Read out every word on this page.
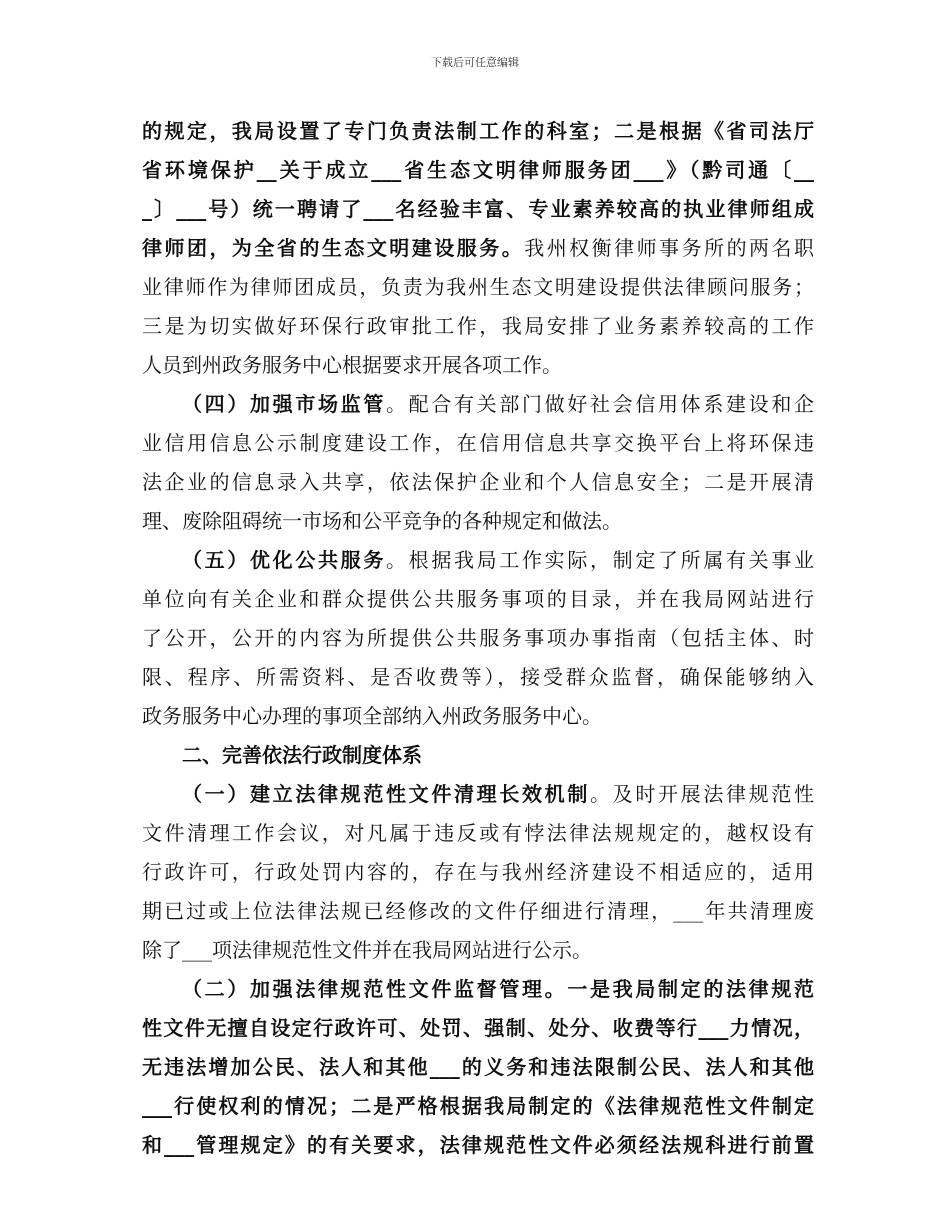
下载后可任意编辑
的规定，我局设置了专门负责法制工作的科室；二是根据《省司法厅
省环境保护__关于成立___省生态文明律师服务团___》（黔司通〔__
_〕___号）统一聘请了___名经验丰富、专业素养较高的执业律师组成
律师团，为全省的生态文明建设服务。我州权衡律师事务所的两名职
业律师作为律师团成员，负责为我州生态文明建设提供法律顾问服务；
三是为切实做好环保行政审批工作，我局安排了业务素养较高的工作
人员到州政务服务中心根据要求开展各项工作。
（四）加强市场监管。配合有关部门做好社会信用体系建设和企
业信用信息公示制度建设工作，在信用信息共享交换平台上将环保违
法企业的信息录入共享，依法保护企业和个人信息安全；二是开展清
理、废除阻碍统一市场和公平竞争的各种规定和做法。
（五）优化公共服务。根据我局工作实际，制定了所属有关事业
单位向有关企业和群众提供公共服务事项的目录，并在我局网站进行
了公开，公开的内容为所提供公共服务事项办事指南（包括主体、时
限、程序、所需资料、是否收费等），接受群众监督，确保能够纳入
政务服务中心办理的事项全部纳入州政务服务中心。
二、完善依法行政制度体系
（一）建立法律规范性文件清理长效机制。及时开展法律规范性
文件清理工作会议，对凡属于违反或有悖法律法规规定的，越权设有
行政许可，行政处罚内容的，存在与我州经济建设不相适应的，适用
期已过或上位法律法规已经修改的文件仔细进行清理，___年共清理废
除了___项法律规范性文件并在我局网站进行公示。
（二）加强法律规范性文件监督管理。一是我局制定的法律规范
性文件无擅自设定行政许可、处罚、强制、处分、收费等行___力情况，
无违法增加公民、法人和其他___的义务和违法限制公民、法人和其他
___行使权利的情况；二是严格根据我局制定的《法律规范性文件制定
和___管理规定》的有关要求，法律规范性文件必须经法规科进行前置
